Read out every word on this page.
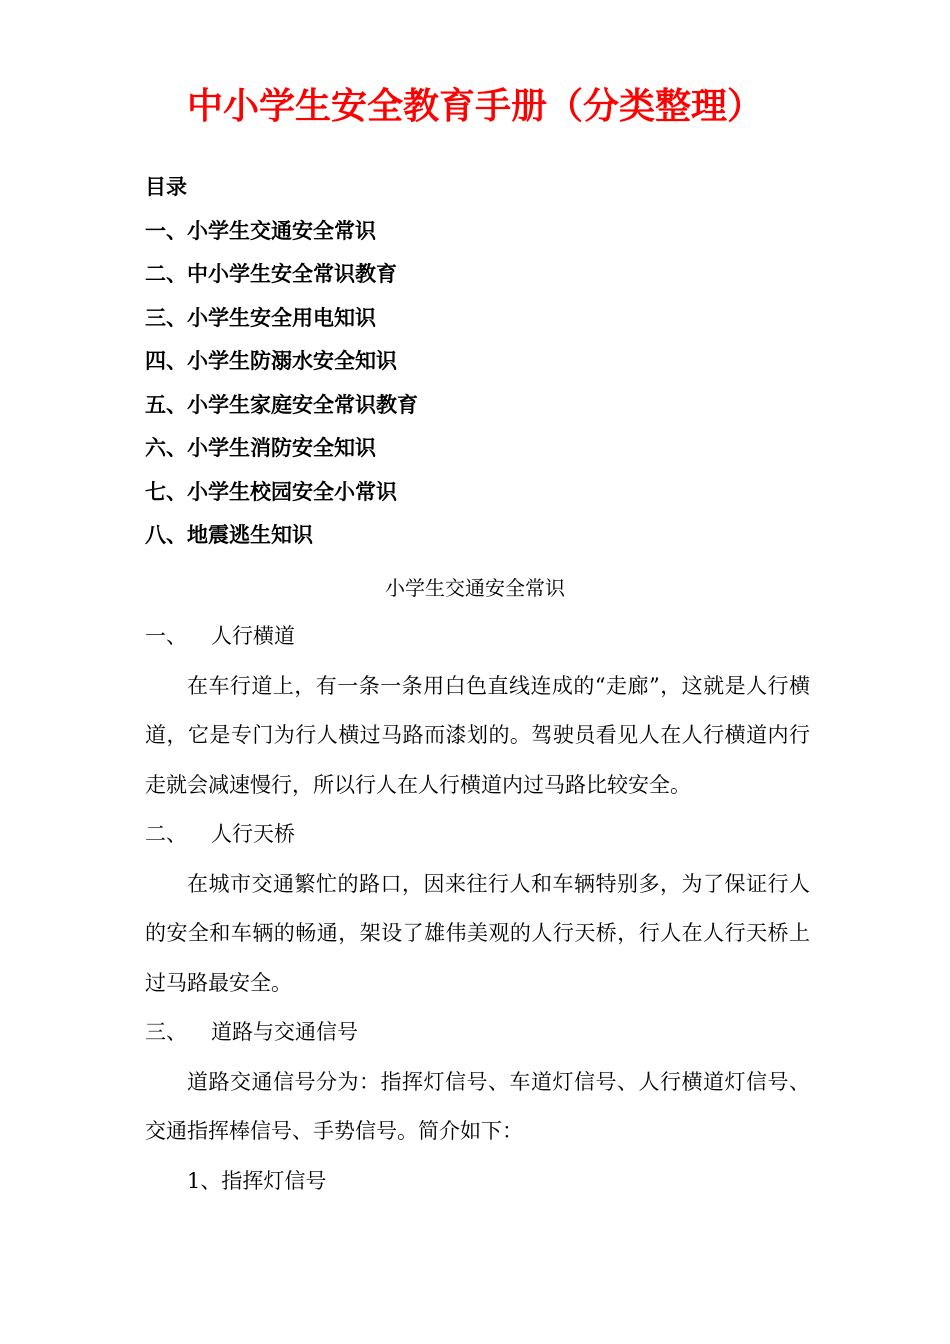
中小学生安全教育手册（分类整理）
目录
一、小学生交通安全常识
二、中小学生安全常识教育
三、小学生安全用电知识
四、小学生防溺水安全知识
五、小学生家庭安全常识教育
六、小学生消防安全知识
七、小学生校园安全小常识
八、地震逃生知识
小学生交通安全常识
一、 人行横道

在车行道上，有一条一条用白色直线连成的“走廊”，这就是人行横道，它是专门为行人横过马路而漆划的。驾驶员看见人在人行横道内行走就会减速慢行，所以行人在人行横道内过马路比较安全。

二、 人行天桥

在城市交通繁忙的路口，因来往行人和车辆特别多，为了保证行人的安全和车辆的畅通，架设了雄伟美观的人行天桥，行人在人行天桥上过马路最安全。

三、 道路与交通信号

道路交通信号分为：指挥灯信号、车道灯信号、人行横道灯信号、交通指挥棒信号、手势信号。简介如下：

1、指挥灯信号
